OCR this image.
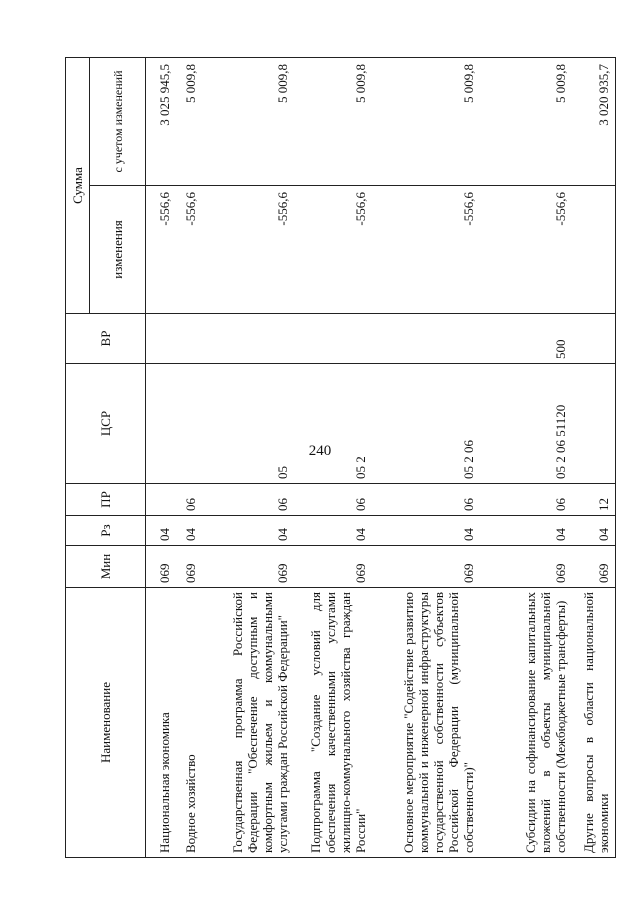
240
Наименование	Мин	Рз	ПР	ЦСР	ВР	Сумма	
						изменения	с учетом изменений
Национальная экономика	069	04				-556,6	3 025 945,5
Водное хозяйство	069	04	06			-556,6	5 009,8
Государственная программа Российской Федерации "Обеспечение доступным и комфортным жильем и коммунальными услугами граждан Российской Федерации"	069	04	06	05		-556,6	5 009,8
Подпрограмма "Создание условий для обеспечения качественными услугами жилищно-коммунального хозяйства граждан России"	069	04	06	05 2		-556,6	5 009,8
Основное мероприятие "Содействие развитию коммунальной и инженерной инфраструктуры государственной собственности субъектов Российской Федерации (муниципальной собственности)"	069	04	06	05 2 06		-556,6	5 009,8
Субсидии на софинансирование капитальных вложений в объекты муниципальной собственности (Межбюджетные трансферты)	069	04	06	05 2 06 51120	500	-556,6	5 009,8
Другие вопросы в области национальной экономики	069	04	12				3 020 935,7
